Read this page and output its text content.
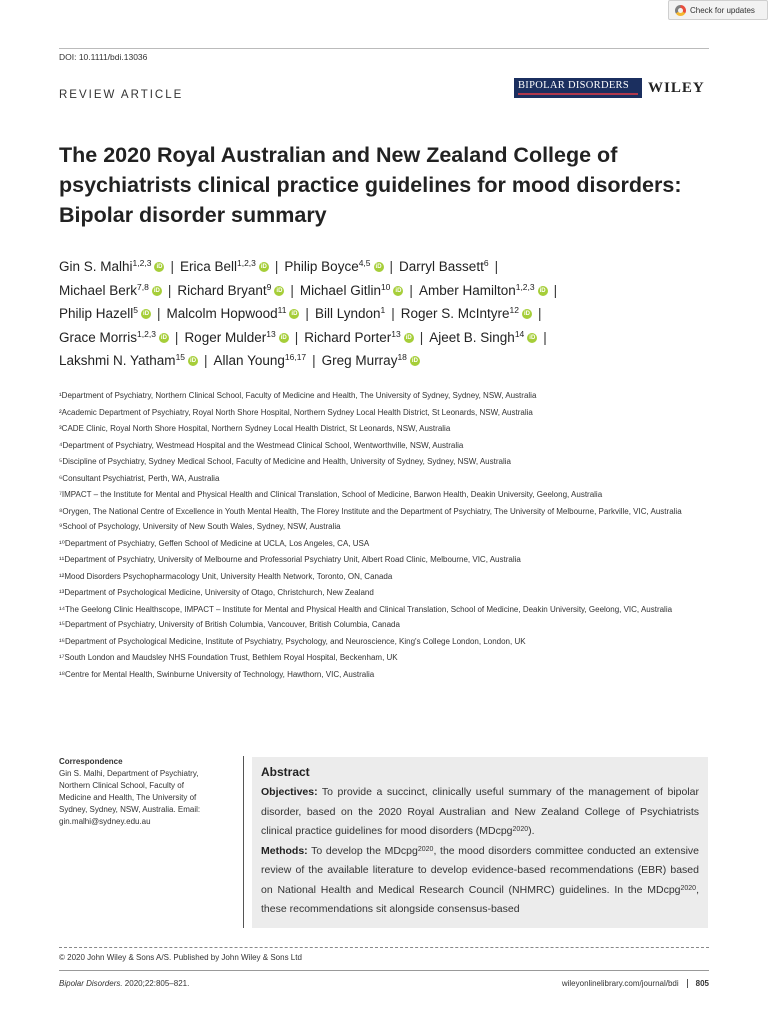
Check for updates
DOI: 10.1111/bdi.13036
REVIEW ARTICLE
BIPOLAR DISORDERS	WILEY
The 2020 Royal Australian and New Zealand College of psychiatrists clinical practice guidelines for mood disorders: Bipolar disorder summary
Gin S. Malhi$^{1,2,3}$ iD | Erica Bell$^{1,2,3}$ iD | Philip Boyce$^{4,5}$ iD | Darryl Bassett$^6$ |
Michael Berk$^{7,8}$ iD | Richard Bryant$^9$ iD | Michael Gitlin$^{10}$ iD | Amber Hamilton$^{1,2,3}$ iD |
Philip Hazell$^5$ iD | Malcolm Hopwood$^{11}$ iD | Bill Lyndon$^1$ | Roger S. McIntyre$^{12}$ iD |
Grace Morris$^{1,2,3}$ iD | Roger Mulder$^{13}$ iD | Richard Porter$^{13}$ iD | Ajeet B. Singh$^{14}$ iD |
Lakshmi N. Yatham$^{15}$ iD | Allan Young$^{16,17}$ | Greg Murray$^{18}$ iD
¹Department of Psychiatry, Northern Clinical School, Faculty of Medicine and Health, The University of Sydney, Sydney, NSW, Australia
²Academic Department of Psychiatry, Royal North Shore Hospital, Northern Sydney Local Health District, St Leonards, NSW, Australia
³CADE Clinic, Royal North Shore Hospital, Northern Sydney Local Health District, St Leonards, NSW, Australia
⁴Department of Psychiatry, Westmead Hospital and the Westmead Clinical School, Wentworthville, NSW, Australia
⁵Discipline of Psychiatry, Sydney Medical School, Faculty of Medicine and Health, University of Sydney, Sydney, NSW, Australia
⁶Consultant Psychiatrist, Perth, WA, Australia
⁷IMPACT – the Institute for Mental and Physical Health and Clinical Translation, School of Medicine, Barwon Health, Deakin University, Geelong, Australia
⁸Orygen, The National Centre of Excellence in Youth Mental Health, The Florey Institute and the Department of Psychiatry, The University of Melbourne, Parkville, VIC, Australia
⁹School of Psychology, University of New South Wales, Sydney, NSW, Australia
¹⁰Department of Psychiatry, Geffen School of Medicine at UCLA, Los Angeles, CA, USA
¹¹Department of Psychiatry, University of Melbourne and Professorial Psychiatry Unit, Albert Road Clinic, Melbourne, VIC, Australia
¹²Mood Disorders Psychopharmacology Unit, University Health Network, Toronto, ON, Canada
¹³Department of Psychological Medicine, University of Otago, Christchurch, New Zealand
¹⁴The Geelong Clinic Healthscope, IMPACT – Institute for Mental and Physical Health and Clinical Translation, School of Medicine, Deakin University, Geelong, VIC, Australia
¹⁵Department of Psychiatry, University of British Columbia, Vancouver, British Columbia, Canada
¹⁶Department of Psychological Medicine, Institute of Psychiatry, Psychology, and Neuroscience, King's College London, London, UK
¹⁷South London and Maudsley NHS Foundation Trust, Bethlem Royal Hospital, Beckenham, UK
¹⁸Centre for Mental Health, Swinburne University of Technology, Hawthorn, VIC, Australia
Correspondence
Gin S. Malhi, Department of Psychiatry,
Northern Clinical School, Faculty of
Medicine and Health, The University of
Sydney, Sydney, NSW, Australia. Email:
gin.malhi@sydney.edu.au
Abstract

Objectives: To provide a succinct, clinically useful summary of the management of bipolar disorder, based on the 2020 Royal Australian and New Zealand College of Psychiatrists clinical practice guidelines for mood disorders (MDcpg$^{2020}$).

Methods: To develop the MDcpg$^{2020}$, the mood disorders committee conducted an extensive review of the available literature to develop evidence-based recommendations (EBR) based on National Health and Medical Research Council (NHMRC) guidelines. In the MDcpg$^{2020}$, these recommendations sit alongside consensus-based

© 2020 John Wiley & Sons A/S. Published by John Wiley & Sons Ltd
Bipolar Disorders. 2020;22:805–821.	wileyonlinelibrary.com/journal/bdi	805
